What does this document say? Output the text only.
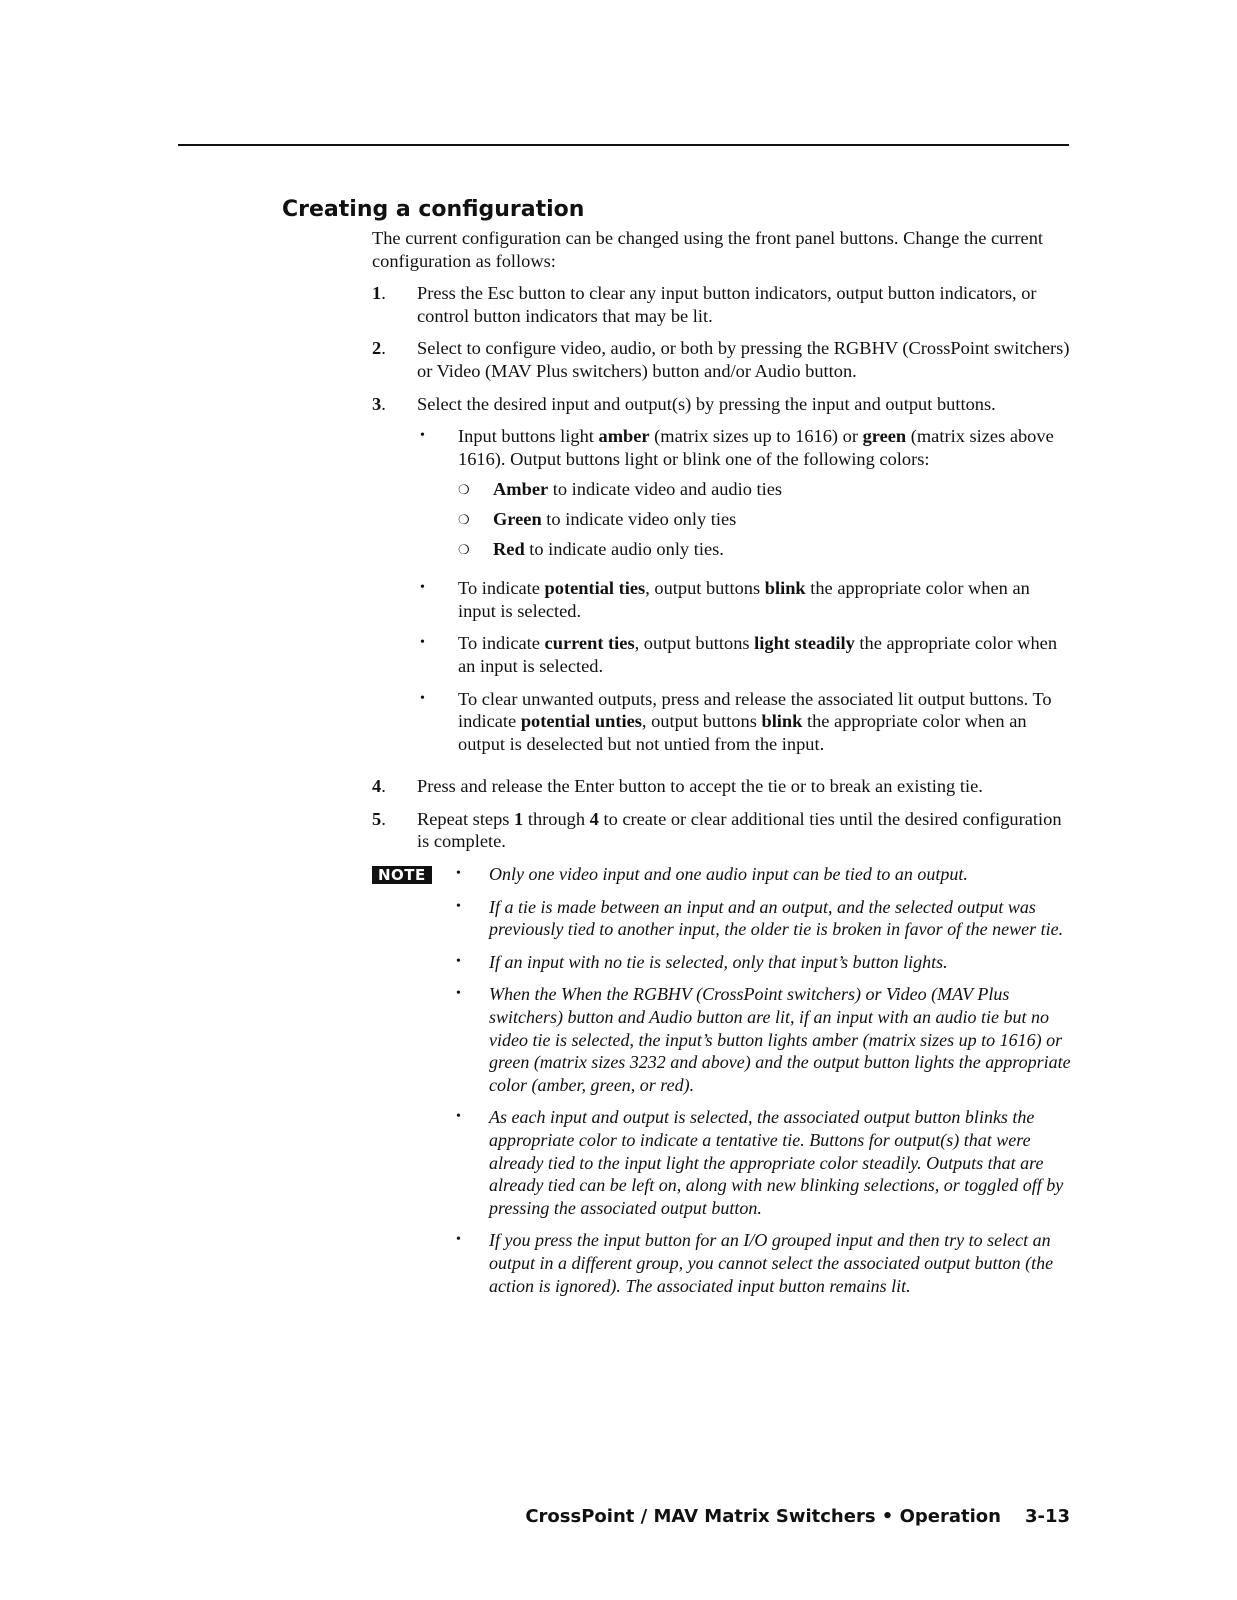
Creating a configuration

The current configuration can be changed using the front panel buttons. Change the current configuration as follows:

1.	Press the Esc button to clear any input button indicators, output button indicators, or control button indicators that may be lit.
2.	Select to configure video, audio, or both by pressing the RGBHV (CrossPoint switchers) or Video (MAV Plus switchers) button and/or Audio button.
3.	Select the desired input and output(s) by pressing the input and output buttons.
•	Input buttons light amber (matrix sizes up to 1616) or green (matrix sizes above 1616). Output buttons light or blink one of the following colors:
❍	Amber to indicate video and audio ties
❍	Green to indicate video only ties
❍	Red to indicate audio only ties.
•	To indicate potential ties, output buttons blink the appropriate color when an input is selected.
•	To indicate current ties, output buttons light steadily the appropriate color when an input is selected.
•	To clear unwanted outputs, press and release the associated lit output buttons. To indicate potential unties, output buttons blink the appropriate color when an output is deselected but not untied from the input.
4.	Press and release the Enter button to accept the tie or to break an existing tie.
5.	Repeat steps 1 through 4 to create or clear additional ties until the desired configuration is complete.
NOTE	•	Only one video input and one audio input can be tied to an output.
•	If a tie is made between an input and an output, and the selected output was previously tied to another input, the older tie is broken in favor of the newer tie.
•	If an input with no tie is selected, only that input’s button lights.
•	When the When the RGBHV (CrossPoint switchers) or Video (MAV Plus switchers) button and Audio button are lit, if an input with an audio tie but no video tie is selected, the input’s button lights amber (matrix sizes up to 1616) or green (matrix sizes 3232 and above) and the output button lights the appropriate color (amber, green, or red).
•	As each input and output is selected, the associated output button blinks the appropriate color to indicate a tentative tie. Buttons for output(s) that were already tied to the input light the appropriate color steadily. Outputs that are already tied can be left on, along with new blinking selections, or toggled off by pressing the associated output button.
•	If you press the input button for an I/O grouped input and then try to select an output in a different group, you cannot select the associated output button (the action is ignored). The associated input button remains lit.
CrossPoint / MAV Matrix Switchers • Operation 3-13
